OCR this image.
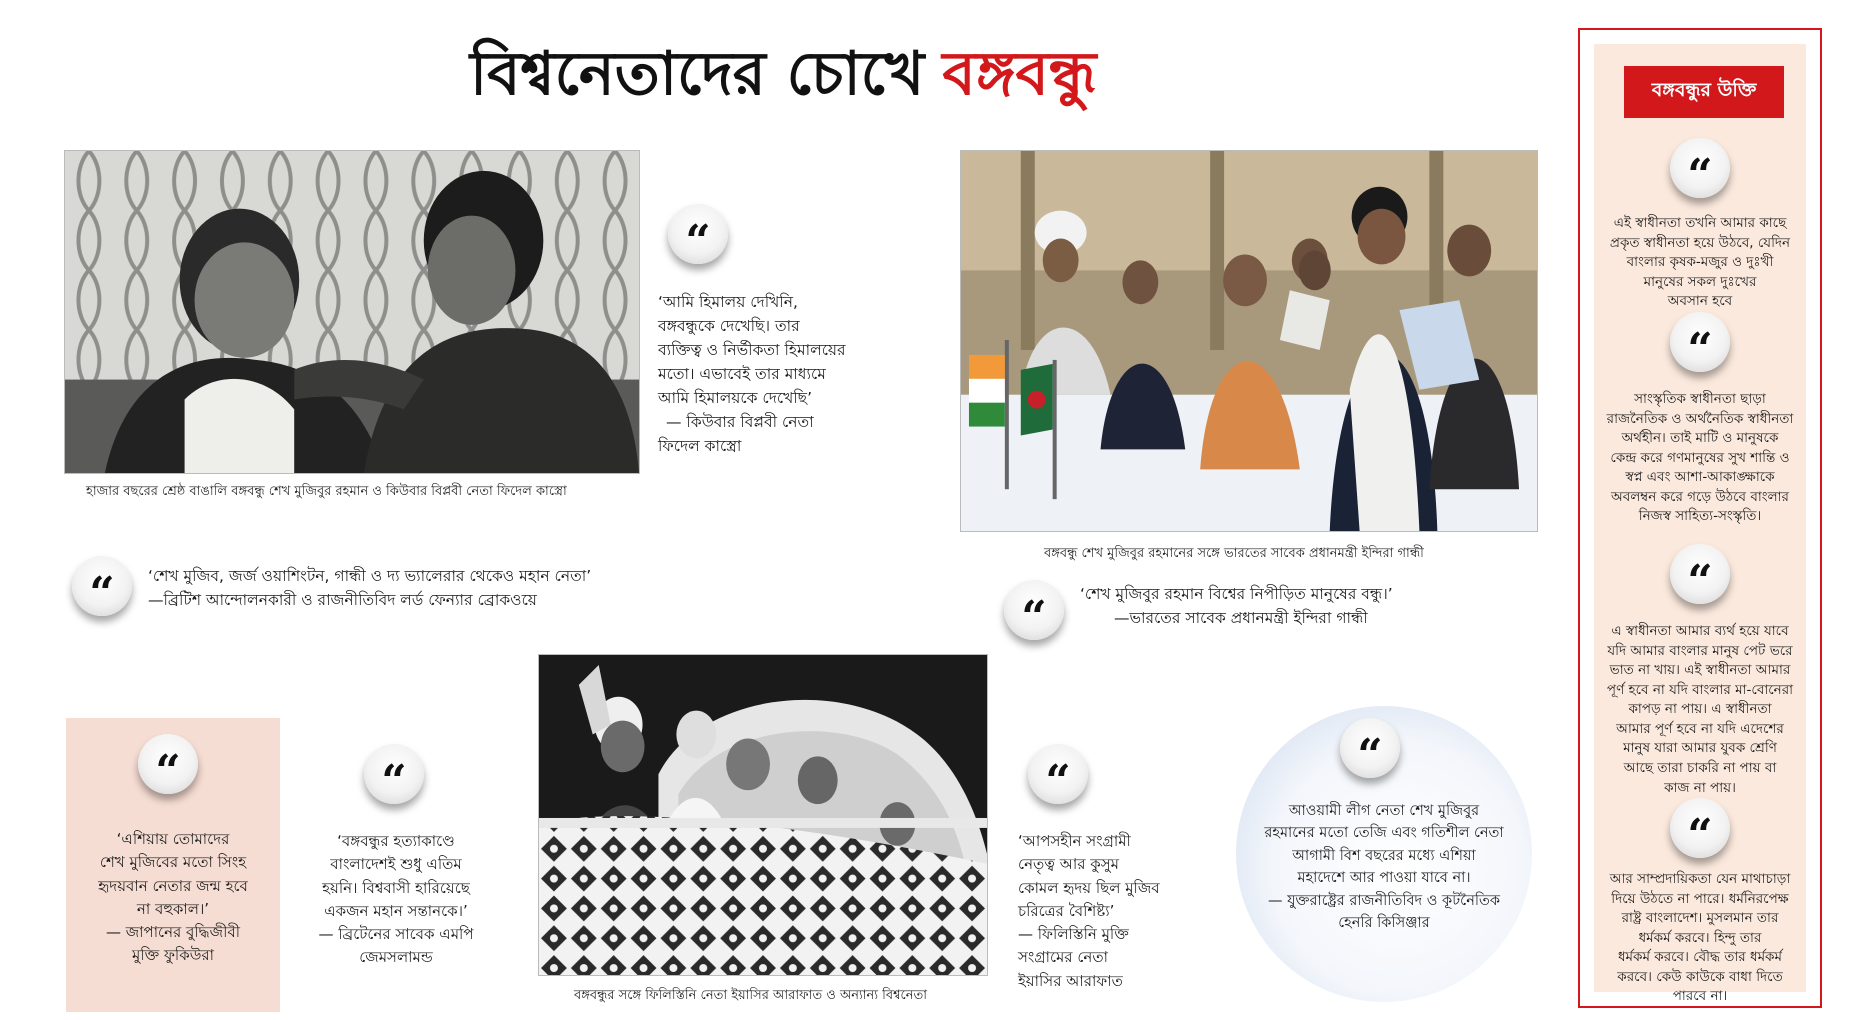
বিশ্বনেতাদের চোখে বঙ্গবন্ধু
হাজার বছরের শ্রেষ্ঠ বাঙালি বঙ্গবন্ধু শেখ মুজিবুর রহমান ও কিউবার বিপ্লবী নেতা ফিদেল কাস্ত্রো
“
‘আমি হিমালয় দেখিনি,
বঙ্গবন্ধুকে দেখেছি। তার
ব্যক্তিত্ব ও নির্ভীকতা হিমালয়ের
মতো। এভাবেই তার মাধ্যমে
আমি হিমালয়কে দেখেছি’
— কিউবার বিপ্লবী নেতা
ফিদেল কাস্ত্রো
বঙ্গবন্ধু শেখ মুজিবুর রহমানের সঙ্গে ভারতের সাবেক প্রধানমন্ত্রী ইন্দিরা গান্ধী
“ ‘শেখ মুজিব, জর্জ ওয়াশিংটন, গান্ধী ও দ্য ভ্যালেরার থেকেও মহান নেতা’
—ব্রিটিশ আন্দোলনকারী ও রাজনীতিবিদ লর্ড ফেন্যার ব্রোকওয়ে	“ ‘শেখ মুজিবুর রহমান বিশ্বের নিপীড়িত মানুষের বন্ধু।’
—ভারতের সাবেক প্রধানমন্ত্রী ইন্দিরা গান্ধী
“
‘এশিয়ায় তোমাদের
শেখ মুজিবের মতো সিংহ
হৃদয়বান নেতার জন্ম হবে
না বহুকাল।’
— জাপানের বুদ্ধিজীবী
মুক্তি ফুকিউরা
“
‘বঙ্গবন্ধুর হত্যাকাণ্ডে
বাংলাদেশই শুধু এতিম
হয়নি। বিশ্ববাসী হারিয়েছে
একজন মহান সন্তানকে।’
— ব্রিটেনের সাবেক এমপি
জেমসলামন্ড
বঙ্গবন্ধুর সঙ্গে ফিলিস্তিনি নেতা ইয়াসির আরাফাত ও অন্যান্য বিশ্বনেতা
“
‘আপসহীন সংগ্রামী
নেতৃত্ব আর কুসুম
কোমল হৃদয় ছিল মুজিব
চরিত্রের বৈশিষ্ট্য’
— ফিলিস্তিনি মুক্তি
সংগ্রামের নেতা
ইয়াসির আরাফাত
“
আওয়ামী লীগ নেতা শেখ মুজিবুর
রহমানের মতো তেজি এবং গতিশীল নেতা
আগামী বিশ বছরের মধ্যে এশিয়া
মহাদেশে আর পাওয়া যাবে না।
— যুক্তরাষ্ট্রের রাজনীতিবিদ ও কূটনৈতিক
হেনরি কিসিঞ্জার
বঙ্গবন্ধুর উক্তি
“
এই স্বাধীনতা তখনি আমার কাছে
প্রকৃত স্বাধীনতা হয়ে উঠবে, যেদিন
বাংলার কৃষক-মজুর ও দুঃখী
মানুষের সকল দুঃখের
অবসান হবে
“
সাংস্কৃতিক স্বাধীনতা ছাড়া
রাজনৈতিক ও অর্থনৈতিক স্বাধীনতা
অর্থহীন। তাই মাটি ও মানুষকে
কেন্দ্র করে গণমানুষের সুখ শান্তি ও
স্বপ্ন এবং আশা-আকাঙ্ক্ষাকে
অবলম্বন করে গড়ে উঠবে বাংলার
নিজস্ব সাহিত্য-সংস্কৃতি।
“
এ স্বাধীনতা আমার ব্যর্থ হয়ে যাবে
যদি আমার বাংলার মানুষ পেট ভরে
ভাত না খায়। এই স্বাধীনতা আমার
পূর্ণ হবে না যদি বাংলার মা-বোনেরা
কাপড় না পায়। এ স্বাধীনতা
আমার পূর্ণ হবে না যদি এদেশের
মানুষ যারা আমার যুবক শ্রেণি
আছে তারা চাকরি না পায় বা
কাজ না পায়।
“
আর সাম্প্রদায়িকতা যেন মাথাচাড়া
দিয়ে উঠতে না পারে। ধর্মনিরপেক্ষ
রাষ্ট্র বাংলাদেশ। মুসলমান তার
ধর্মকর্ম করবে। হিন্দু তার
ধর্মকর্ম করবে। বৌদ্ধ তার ধর্মকর্ম
করবে। কেউ কাউকে বাধা দিতে
পারবে না।
